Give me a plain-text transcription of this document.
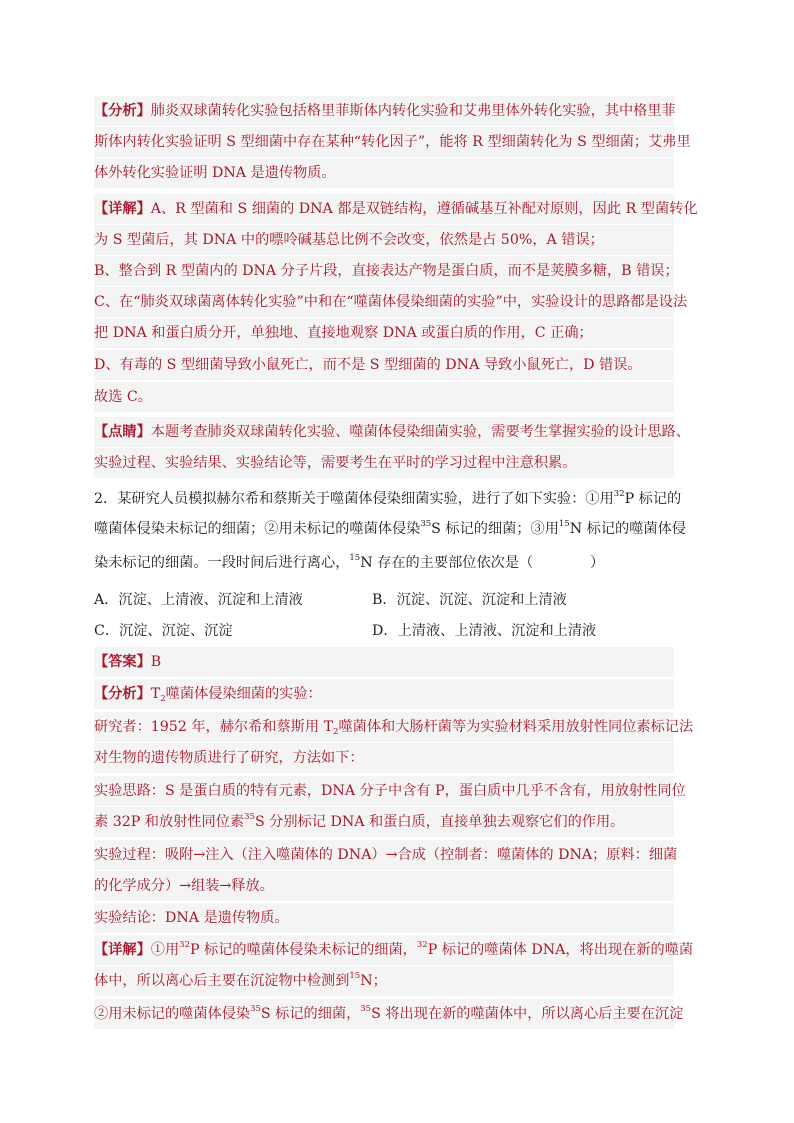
【分析】肺炎双球菌转化实验包括格里菲斯体内转化实验和艾弗里体外转化实验，其中格里菲
斯体内转化实验证明 S 型细菌中存在某种“转化因子”，能将 R 型细菌转化为 S 型细菌；艾弗里
体外转化实验证明 DNA 是遗传物质。
【详解】A、R 型菌和 S 细菌的 DNA 都是双链结构，遵循碱基互补配对原则，因此 R 型菌转化
为 S 型菌后，其 DNA 中的嘌呤碱基总比例不会改变，依然是占 50%，A 错误；
B、整合到 R 型菌内的 DNA 分子片段，直接表达产物是蛋白质，而不是荚膜多糖，B 错误；
C、在“肺炎双球菌离体转化实验”中和在“噬菌体侵染细菌的实验”中，实验设计的思路都是设法
把 DNA 和蛋白质分开，单独地、直接地观察 DNA 或蛋白质的作用，C 正确；
D、有毒的 S 型细菌导致小鼠死亡，而不是 S 型细菌的 DNA 导致小鼠死亡，D 错误。
故选 C。
【点睛】本题考查肺炎双球菌转化实验、噬菌体侵染细菌实验，需要考生掌握实验的设计思路、
实验过程、实验结果、实验结论等，需要考生在平时的学习过程中注意积累。
2．某研究人员模拟赫尔希和蔡斯关于噬菌体侵染细菌实验，进行了如下实验：①用$^{32}$P 标记的
噬菌体侵染未标记的细菌；②用未标记的噬菌体侵染$^{35}$S 标记的细菌；③用$^{15}$N 标记的噬菌体侵
染未标记的细菌。一段时间后进行离心，$^{15}$N 存在的主要部位依次是（　　　　）
A．沉淀、上清液、沉淀和上清液	B．沉淀、沉淀、沉淀和上清液
C．沉淀、沉淀、沉淀	D．上清液、上清液、沉淀和上清液
【答案】B
【分析】$T_2$噬菌体侵染细菌的实验：
研究者：1952 年，赫尔希和蔡斯用 $T_2$噬菌体和大肠杆菌等为实验材料采用放射性同位素标记法
对生物的遗传物质进行了研究，方法如下：
实验思路：S 是蛋白质的特有元素，DNA 分子中含有 P，蛋白质中几乎不含有，用放射性同位
素 32P 和放射性同位素$^{35}$S 分别标记 DNA 和蛋白质，直接单独去观察它们的作用。
实验过程：吸附→注入（注入噬菌体的 DNA）→合成（控制者：噬菌体的 DNA；原料：细菌
的化学成分）→组装→释放。
实验结论：DNA 是遗传物质。
【详解】①用$^{32}$P 标记的噬菌体侵染未标记的细菌，$^{32}$P 标记的噬菌体 DNA，将出现在新的噬菌
体中，所以离心后主要在沉淀物中检测到$^{15}$N；
②用未标记的噬菌体侵染$^{35}$S 标记的细菌，$^{35}$S 将出现在新的噬菌体中，所以离心后主要在沉淀
